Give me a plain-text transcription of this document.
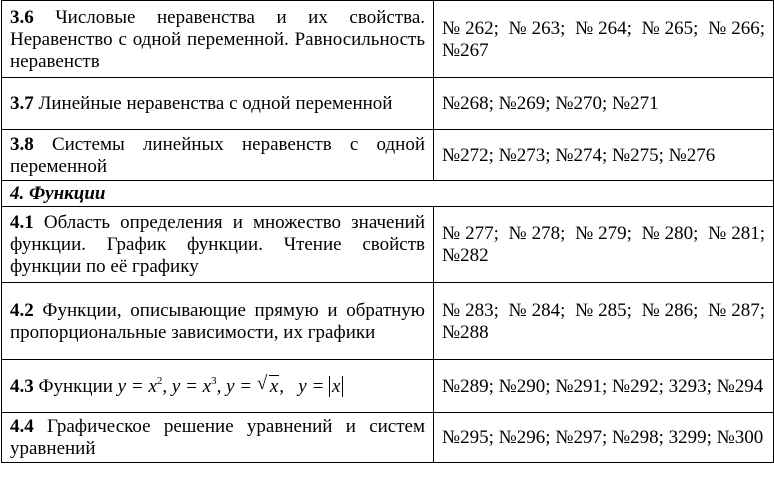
3.6 Числовые неравенства и их свойства. Неравенство с одной переменной. Равносильность неравенств	№262; №263; №264; №265; №266; №267
3.7 Линейные неравенства с одной переменной	№268; №269; №270; №271
3.8 Системы линейных неравенств с одной переменной	№272; №273; №274; №275; №276
4. Функции	
4.1 Область определения и множество значений функции. График функции. Чтение свойств функции по её графику	№277; №278; №279; №280; №281; №282
4.2 Функции, описывающие прямую и обратную пропорциональные зависимости, их графики	№283; №284; №285; №286; №287; №288
4.3 Функции $y = x^2$, $y = x^3$, y = √ x,   y = x	№289; №290; №291; №292; 3293; №294
4.4 Графическое решение уравнений и систем уравнений	№295; №296; №297; №298; 3299; №300
